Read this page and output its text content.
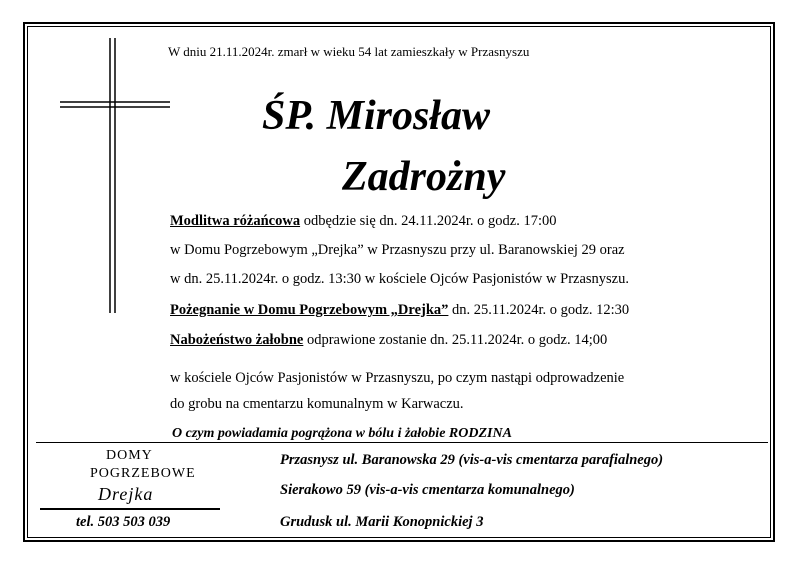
W dniu 21.11.2024r. zmarł w wieku 54 lat zamieszkały w Przasnyszu
ŚP. Mirosław
Zadrożny
Modlitwa różańcowa odbędzie się dn. 24.11.2024r. o godz. 17:00
w Domu Pogrzebowym „Drejka” w Przasnyszu przy ul. Baranowskiej 29 oraz
w dn. 25.11.2024r. o godz. 13:30 w kościele Ojców Pasjonistów w Przasnyszu.
Pożegnanie w Domu Pogrzebowym „Drejka” dn. 25.11.2024r. o godz. 12:30
Nabożeństwo żałobne odprawione zostanie dn. 25.11.2024r. o godz. 14;00
w kościele Ojców Pasjonistów w Przasnyszu, po czym nastąpi odprowadzenie
do grobu na cmentarzu komunalnym w Karwaczu.
O czym powiadamia pogrążona w bólu i żałobie RODZINA
DOMY
POGRZEBOWE
Drejka
tel. 503 503 039
Przasnysz ul. Baranowska 29 (vis-a-vis cmentarza parafialnego)
Sierakowo 59 (vis-a-vis cmentarza komunalnego)
Grudusk ul. Marii Konopnickiej 3
